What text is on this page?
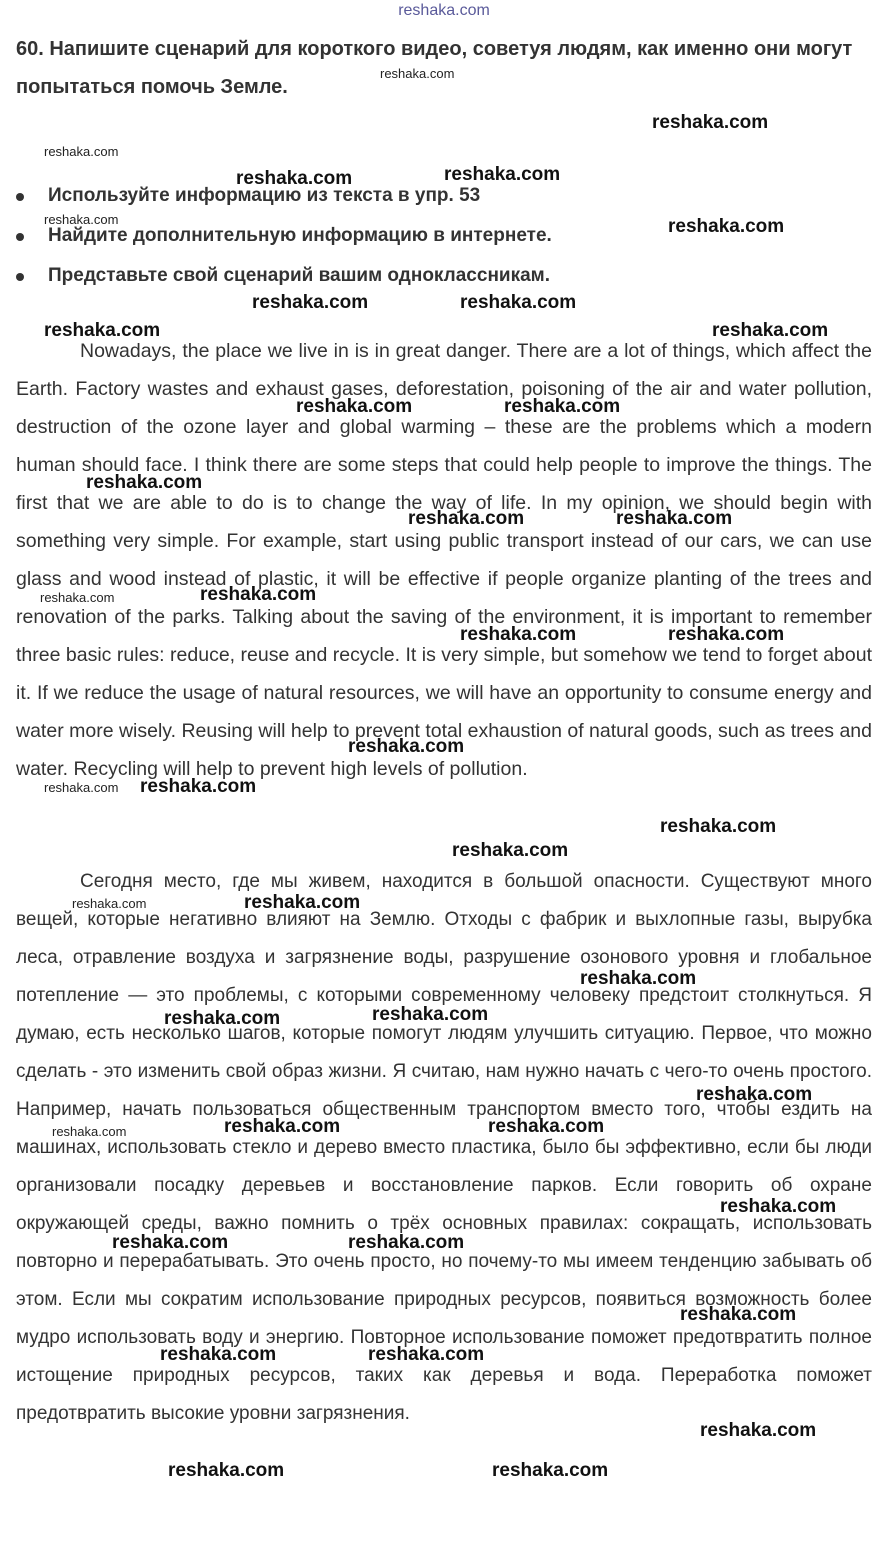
reshaka.com

60. Напишите сценарий для короткого видео, советуя людям, как именно они могут попытаться помочь Земле.

Используйте информацию из текста в упр. 53
Найдите дополнительную информацию в интернете.
Представьте свой сценарий вашим одноклассникам.

Nowadays, the place we live in is in great danger. There are a lot of things, which affect the Earth. Factory wastes and exhaust gases, deforestation, poisoning of the air and water pollution, destruction of the ozone layer and global warming – these are the problems which a modern human should face. I think there are some steps that could help people to improve the things. The first that we are able to do is to change the way of life. In my opinion, we should begin with something very simple. For example, start using public transport instead of our cars, we can use glass and wood instead of plastic, it will be effective if people organize planting of the trees and renovation of the parks. Talking about the saving of the environment, it is important to remember three basic rules: reduce, reuse and recycle. It is very simple, but somehow we tend to forget about it. If we reduce the usage of natural resources, we will have an opportunity to consume energy and water more wisely. Reusing will help to prevent total exhaustion of natural goods, such as trees and water. Recycling will help to prevent high levels of pollution.

Сегодня место, где мы живем, находится в большой опасности. Существуют много вещей, которые негативно влияют на Землю. Отходы с фабрик и выхлопные газы, вырубка леса, отравление воздуха и загрязнение воды, разрушение озонового уровня и глобальное потепление — это проблемы, с которыми современному человеку предстоит столкнуться. Я думаю, есть несколько шагов, которые помогут людям улучшить ситуацию. Первое, что можно сделать - это изменить свой образ жизни. Я считаю, нам нужно начать с чего-то очень простого. Например, начать пользоваться общественным транспортом вместо того, чтобы ездить на машинах, использовать стекло и дерево вместо пластика, было бы эффективно, если бы люди организовали посадку деревьев и восстановление парков. Если говорить об охране окружающей среды, важно помнить о трёх основных правилах: сокращать, использовать повторно и перерабатывать. Это очень просто, но почему-то мы имеем тенденцию забывать об этом. Если мы сократим использование природных ресурсов, появиться возможность более мудро использовать воду и энергию. Повторное использование поможет предотвратить полное истощение природных ресурсов, таких как деревья и вода. Переработка поможет предотвратить высокие уровни загрязнения.

reshaka.com
reshaka.com
reshaka.com
reshaka.com	reshaka.com
reshaka.com	reshaka.com
reshaka.com	reshaka.com
reshaka.com	reshaka.com
reshaka.com	reshaka.com
reshaka.com
reshaka.com	reshaka.com
reshaka.com	reshaka.com
reshaka.com	reshaka.com
reshaka.com
reshaka.com reshaka.com
reshaka.com
reshaka.com
reshaka.com	reshaka.com
reshaka.com
reshaka.com	reshaka.com
reshaka.com
reshaka.com	reshaka.com	reshaka.com
reshaka.com
reshaka.com	reshaka.com
reshaka.com
reshaka.com	reshaka.com
reshaka.com
reshaka.com	reshaka.com
